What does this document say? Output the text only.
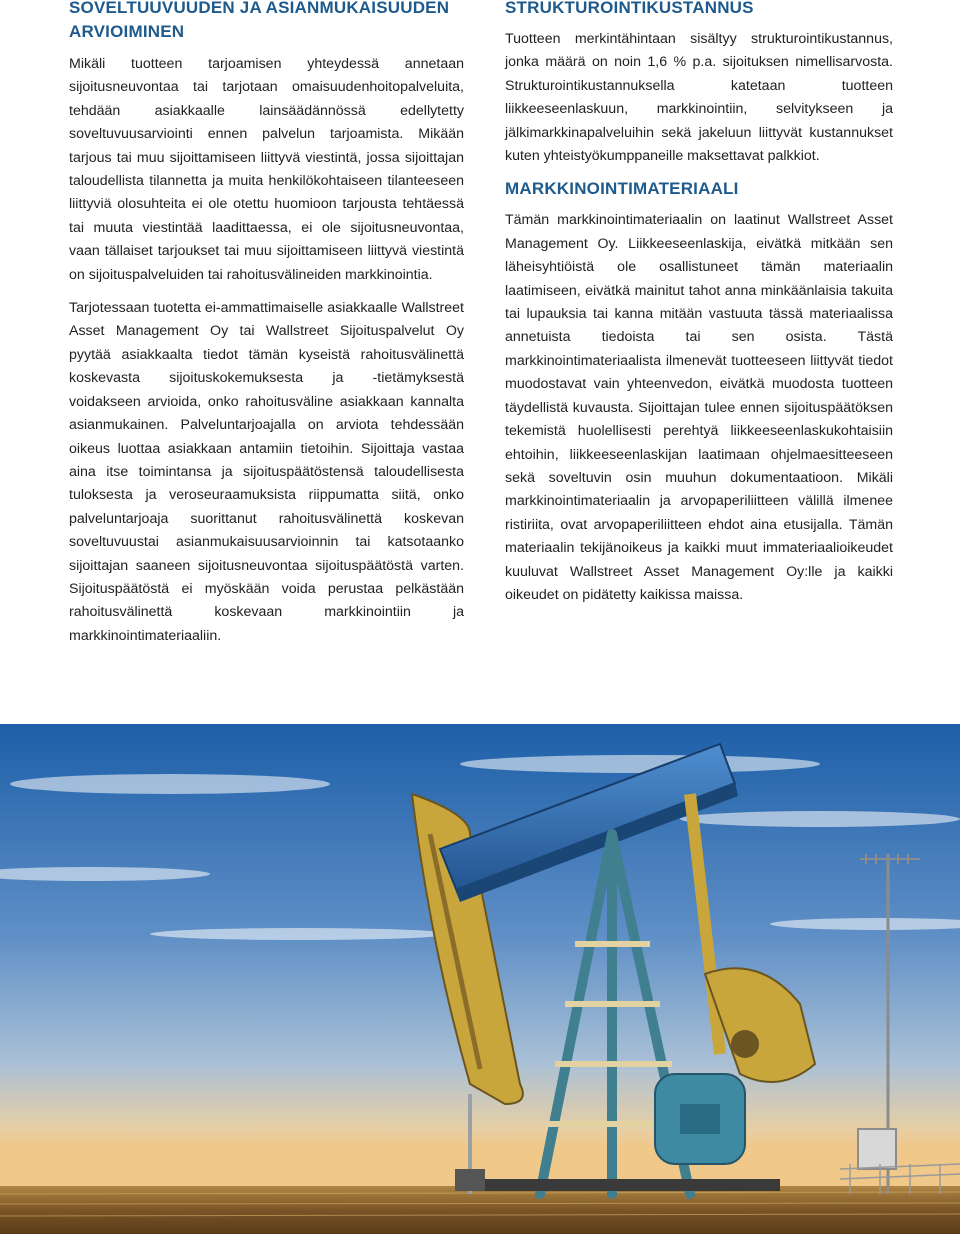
SOVELTUUVUUDEN JA ASIANMUKAISUUDEN ARVIOIMINEN

Mikäli tuotteen tarjoamisen yhteydessä annetaan sijoitusneuvontaa tai tarjotaan omaisuudenhoitopalveluita, tehdään asiakkaalle lainsäädännössä edellytetty soveltuvuusarviointi ennen palvelun tarjoamista. Mikään tarjous tai muu sijoittamiseen liittyvä viestintä, jossa sijoittajan taloudellista tilannetta ja muita henkilökohtaiseen tilanteeseen liittyviä olosuhteita ei ole otettu huomioon tarjousta tehtäessä tai muuta viestintää laadittaessa, ei ole sijoitusneuvontaa, vaan tällaiset tarjoukset tai muu sijoittamiseen liittyvä viestintä on sijoituspalveluiden tai rahoitusvälineiden markkinointia.

Tarjotessaan tuotetta ei-ammattimaiselle asiakkaalle Wallstreet Asset Management Oy tai Wallstreet Sijoituspalvelut Oy pyytää asiakkaalta tiedot tämän kyseistä rahoitusvälinettä koskevasta sijoituskokemuksesta ja -tietämyksestä voidakseen arvioida, onko rahoitusväline asiakkaan kannalta asianmukainen. Palveluntarjoajalla on arviota tehdessään oikeus luottaa asiakkaan antamiin tietoihin. Sijoittaja vastaa aina itse toimintansa ja sijoituspäätöstensä taloudellisesta tuloksesta ja veroseuraamuksista riippumatta siitä, onko palveluntarjoaja suorittanut rahoitusvälinettä koskevan soveltuvuustai asianmukaisuusarvioinnin tai katsotaanko sijoittajan saaneen sijoitusneuvontaa sijoituspäätöstä varten. Sijoituspäätöstä ei myöskään voida perustaa pelkästään rahoitusvälinettä koskevaan markkinointiin ja markkinointimateriaaliin.

STRUKTUROINTIKUSTANNUS

Tuotteen merkintähintaan sisältyy strukturointikustannus, jonka määrä on noin 1,6 % p.a. sijoituksen nimellisarvosta. Strukturointikustannuksella katetaan tuotteen liikkeeseenlaskuun, markkinointiin, selvitykseen ja jälkimarkkinapalveluihin sekä jakeluun liittyvät kustannukset kuten yhteistyökumppaneille maksettavat palkkiot.

MARKKINOINTIMATERIAALI

Tämän markkinointimateriaalin on laatinut Wallstreet Asset Management Oy. Liikkeeseenlaskija, eivätkä mitkään sen läheisyhtiöistä ole osallistuneet tämän materiaalin laatimiseen, eivätkä mainitut tahot anna minkäänlaisia takuita tai lupauksia tai kanna mitään vastuuta tässä materiaalissa annetuista tiedoista tai sen osista. Tästä markkinointimateriaalista ilmenevät tuotteeseen liittyvät tiedot muodostavat vain yhteenvedon, eivätkä muodosta tuotteen täydellistä kuvausta. Sijoittajan tulee ennen sijoituspäätöksen tekemistä huolellisesti perehtyä liikkeeseenlaskukohtaisiin ehtoihin, liikkeeseenlaskijan laatimaan ohjelmaesitteeseen sekä soveltuvin osin muuhun dokumentaatioon. Mikäli markkinointimateriaalin ja arvopaperiliitteen välillä ilmenee ristiriita, ovat arvopaperiliitteen ehdot aina etusijalla. Tämän materiaalin tekijänoikeus ja kaikki muut immateriaalioikeudet kuuluvat Wallstreet Asset Management Oy:lle ja kaikki oikeudet on pidätetty kaikissa maissa.
